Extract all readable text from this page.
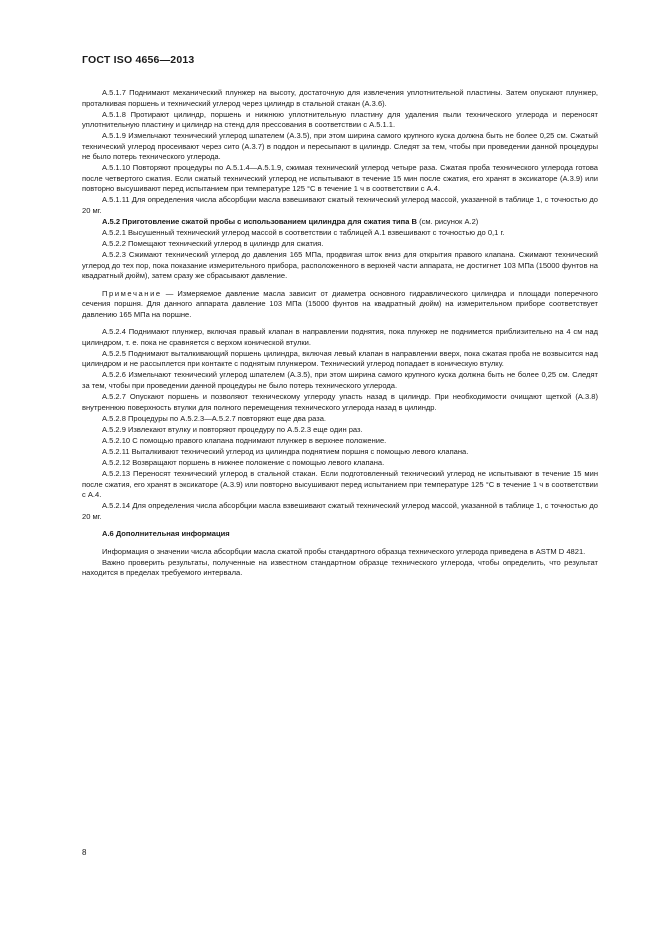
ГОСТ ISO 4656—2013

А.5.1.7 Поднимают механический плунжер на высоту, достаточную для извлечения уплотнительной пластины. Затем опускают плунжер, проталкивая поршень и технический углерод через цилиндр в стальной стакан (А.3.6).

А.5.1.8 Протирают цилиндр, поршень и нижнюю уплотнительную пластину для удаления пыли технического углерода и переносят уплотнительную пластину и цилиндр на стенд для прессования в соответствии с А.5.1.1.

А.5.1.9 Измельчают технический углерод шпателем (А.3.5), при этом ширина самого крупного куска должна быть не более 0,25 см. Сжатый технический углерод просеивают через сито (А.3.7) в поддон и пересыпают в цилиндр. Следят за тем, чтобы при проведении данной процедуры не было потерь технического углерода.

А.5.1.10 Повторяют процедуры по А.5.1.4—А.5.1.9, сжимая технический углерод четыре раза. Сжатая проба технического углерода готова после четвертого сжатия. Если сжатый технический углерод не испытывают в течение 15 мин после сжатия, его хранят в эксикаторе (А.3.9) или повторно высушивают перед испытанием при температуре 125 °С в течение 1 ч в соответствии с А.4.

А.5.1.11 Для определения числа абсорбции масла взвешивают сжатый технический углерод массой, указанной в таблице 1, с точностью до 20 мг.

А.5.2 Приготовление сжатой пробы с использованием цилиндра для сжатия типа В (см. рисунок А.2)

А.5.2.1 Высушенный технический углерод массой в соответствии с таблицей А.1 взвешивают с точностью до 0,1 г.

А.5.2.2 Помещают технический углерод в цилиндр для сжатия.

А.5.2.3 Сжимают технический углерод до давления 165 МПа, продвигая шток вниз для открытия правого клапана. Сжимают технический углерод до тех пор, пока показание измерительного прибора, расположенного в верхней части аппарата, не достигнет 103 МПа (15000 фунтов на квадратный дюйм), затем сразу же сбрасывают давление.

Примечание — Измеряемое давление масла зависит от диаметра основного гидравлического цилиндра и площади поперечного сечения поршня. Для данного аппарата давление 103 МПа (15000 фунтов на квадратный дюйм) на измерительном приборе соответствует давлению 165 МПа на поршне.

А.5.2.4 Поднимают плунжер, включая правый клапан в направлении поднятия, пока плунжер не поднимется приблизительно на 4 см над цилиндром, т. е. пока не сравняется с верхом конической втулки.

А.5.2.5 Поднимают выталкивающий поршень цилиндра, включая левый клапан в направлении вверх, пока сжатая проба не возвысится над цилиндром и не рассыплется при контакте с поднятым плунжером. Технический углерод попадает в коническую втулку.

А.5.2.6 Измельчают технический углерод шпателем (А.3.5), при этом ширина самого крупного куска должна быть не более 0,25 см. Следят за тем, чтобы при проведении данной процедуры не было потерь технического углерода.

А.5.2.7 Опускают поршень и позволяют техническому углероду упасть назад в цилиндр. При необходимости очищают щеткой (А.3.8) внутреннюю поверхность втулки для полного перемещения технического углерода назад в цилиндр.

А.5.2.8 Процедуры по А.5.2.3—А.5.2.7 повторяют еще два раза.

А.5.2.9 Извлекают втулку и повторяют процедуру по А.5.2.3 еще один раз.

А.5.2.10 С помощью правого клапана поднимают плунжер в верхнее положение.

А.5.2.11 Выталкивают технический углерод из цилиндра поднятием поршня с помощью левого клапана.

А.5.2.12 Возвращают поршень в нижнее положение с помощью левого клапана.

А.5.2.13 Переносят технический углерод в стальной стакан. Если подготовленный технический углерод не испытывают в течение 15 мин после сжатия, его хранят в эксикаторе (А.3.9) или повторно высушивают перед испытанием при температуре 125 °С в течение 1 ч в соответствии с А.4.

А.5.2.14 Для определения числа абсорбции масла взвешивают сжатый технический углерод массой, указанной в таблице 1, с точностью до 20 мг.

А.6 Дополнительная информация

Информация о значении числа абсорбции масла сжатой пробы стандартного образца технического углерода приведена в ASTM D 4821.

Важно проверить результаты, полученные на известном стандартном образце технического углерода, чтобы определить, что результат находится в пределах требуемого интервала.

8
